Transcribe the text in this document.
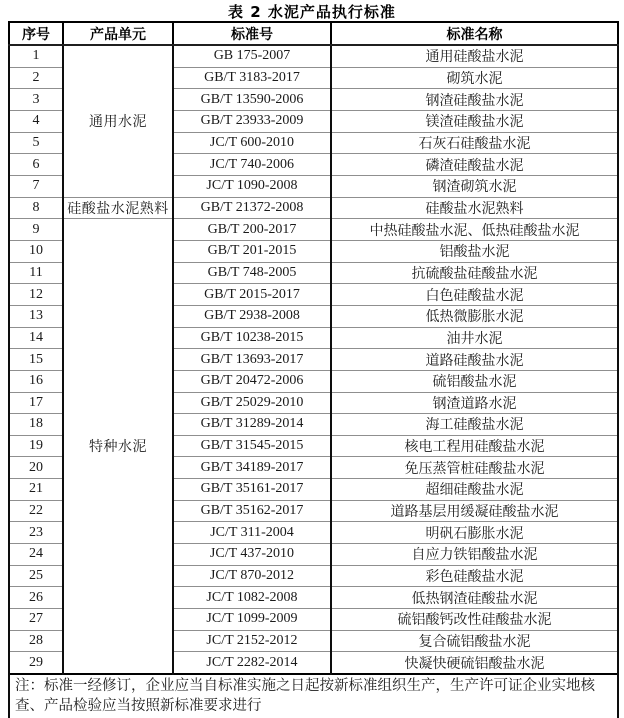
表 2 水泥产品执行标准
序号	产品单元	标准号	标准名称
1	通用水泥	GB 175-2007	通用硅酸盐水泥
2		GB/T 3183-2017	砌筑水泥
3		GB/T 13590-2006	钢渣硅酸盐水泥
4		GB/T 23933-2009	镁渣硅酸盐水泥
5		JC/T 600-2010	石灰石硅酸盐水泥
6		JC/T 740-2006	磷渣硅酸盐水泥
7		JC/T 1090-2008	钢渣砌筑水泥
8	硅酸盐水泥熟料	GB/T 21372-2008	硅酸盐水泥熟料
9	特种水泥	GB/T 200-2017	中热硅酸盐水泥、低热硅酸盐水泥
10		GB/T 201-2015	铝酸盐水泥
11		GB/T 748-2005	抗硫酸盐硅酸盐水泥
12		GB/T 2015-2017	白色硅酸盐水泥
13		GB/T 2938-2008	低热微膨胀水泥
14		GB/T 10238-2015	油井水泥
15		GB/T 13693-2017	道路硅酸盐水泥
16		GB/T 20472-2006	硫铝酸盐水泥
17		GB/T 25029-2010	钢渣道路水泥
18		GB/T 31289-2014	海工硅酸盐水泥
19		GB/T 31545-2015	核电工程用硅酸盐水泥
20		GB/T 34189-2017	免压蒸管桩硅酸盐水泥
21		GB/T 35161-2017	超细硅酸盐水泥
22		GB/T 35162-2017	道路基层用缓凝硅酸盐水泥
23		JC/T 311-2004	明矾石膨胀水泥
24		JC/T 437-2010	自应力铁铝酸盐水泥
25		JC/T 870-2012	彩色硅酸盐水泥
26		JC/T 1082-2008	低热钢渣硅酸盐水泥
27		JC/T 1099-2009	硫铝酸钙改性硅酸盐水泥
28		JC/T 2152-2012	复合硫铝酸盐水泥
29		JC/T 2282-2014	快凝快硬硫铝酸盐水泥
注：标准一经修订，企业应当自标准实施之日起按新标准组织生产，生产许可证企业实地核查、产品检验应当按照新标准要求进行			
